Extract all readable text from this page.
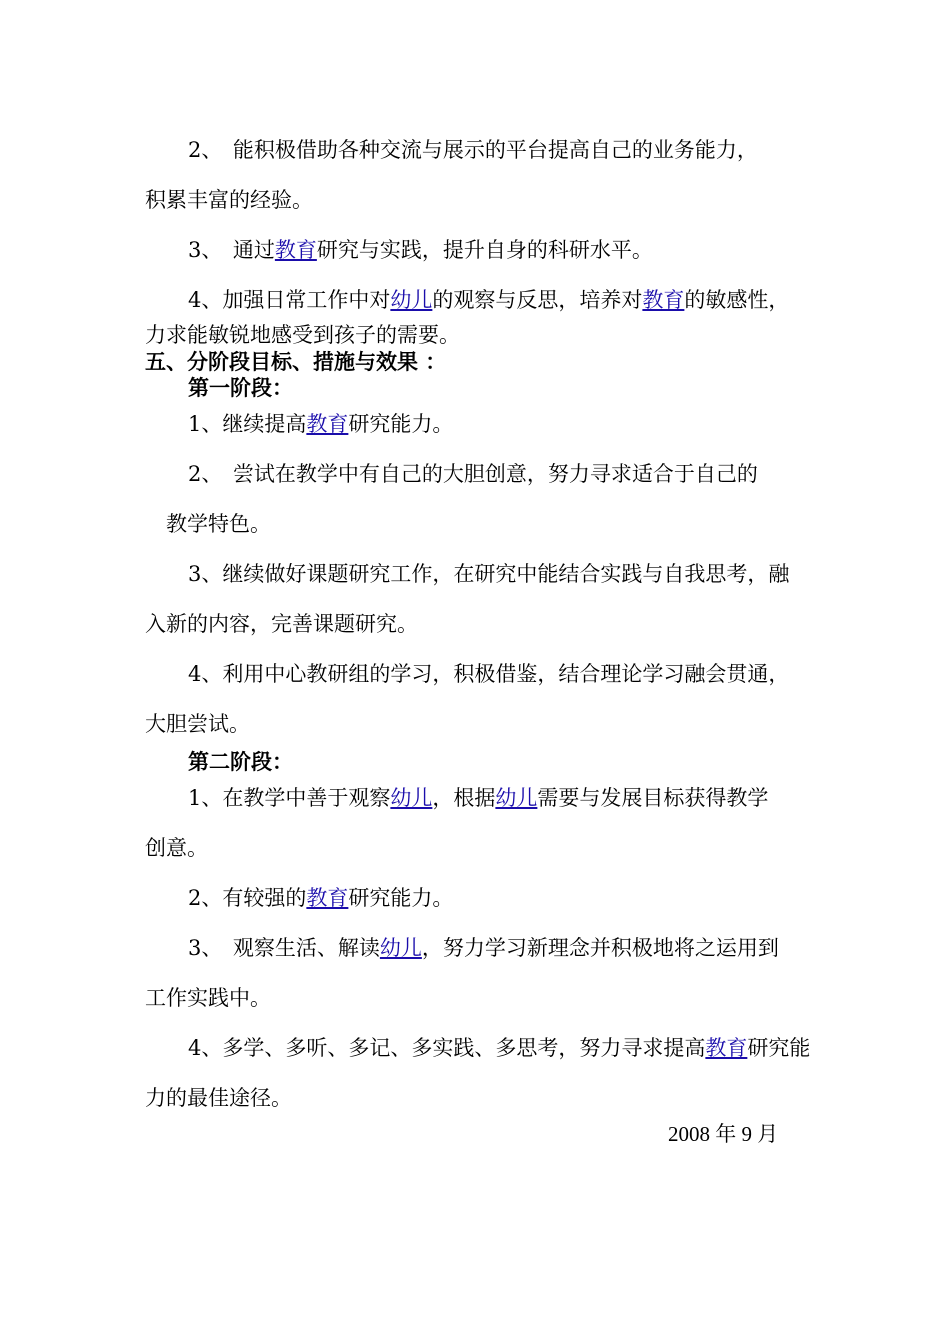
2、　能积极借助各种交流与展示的平台提高自己的业务能力，
积累丰富的经验。
3、　通过教育研究与实践，提升自身的科研水平。
4、加强日常工作中对幼儿的观察与反思，培养对教育的敏感性，
力求能敏锐地感受到孩子的需要。
五、分阶段目标、措施与效果 ：
第一阶段：
1、继续提高教育研究能力。
2、　尝试在教学中有自己的大胆创意，努力寻求适合于自己的
教学特色。
3、继续做好课题研究工作，在研究中能结合实践与自我思考，融
入新的内容，完善课题研究。
4、利用中心教研组的学习，积极借鉴，结合理论学习融会贯通，
大胆尝试。
第二阶段：
1、在教学中善于观察幼儿，根据幼儿需要与发展目标获得教学
创意。
2、有较强的教育研究能力。
3、　观察生活、解读幼儿，努力学习新理念并积极地将之运用到
工作实践中。
4、多学、多听、多记、多实践、多思考，努力寻求提高教育研究能
力的最佳途径。
2008 年 9 月
